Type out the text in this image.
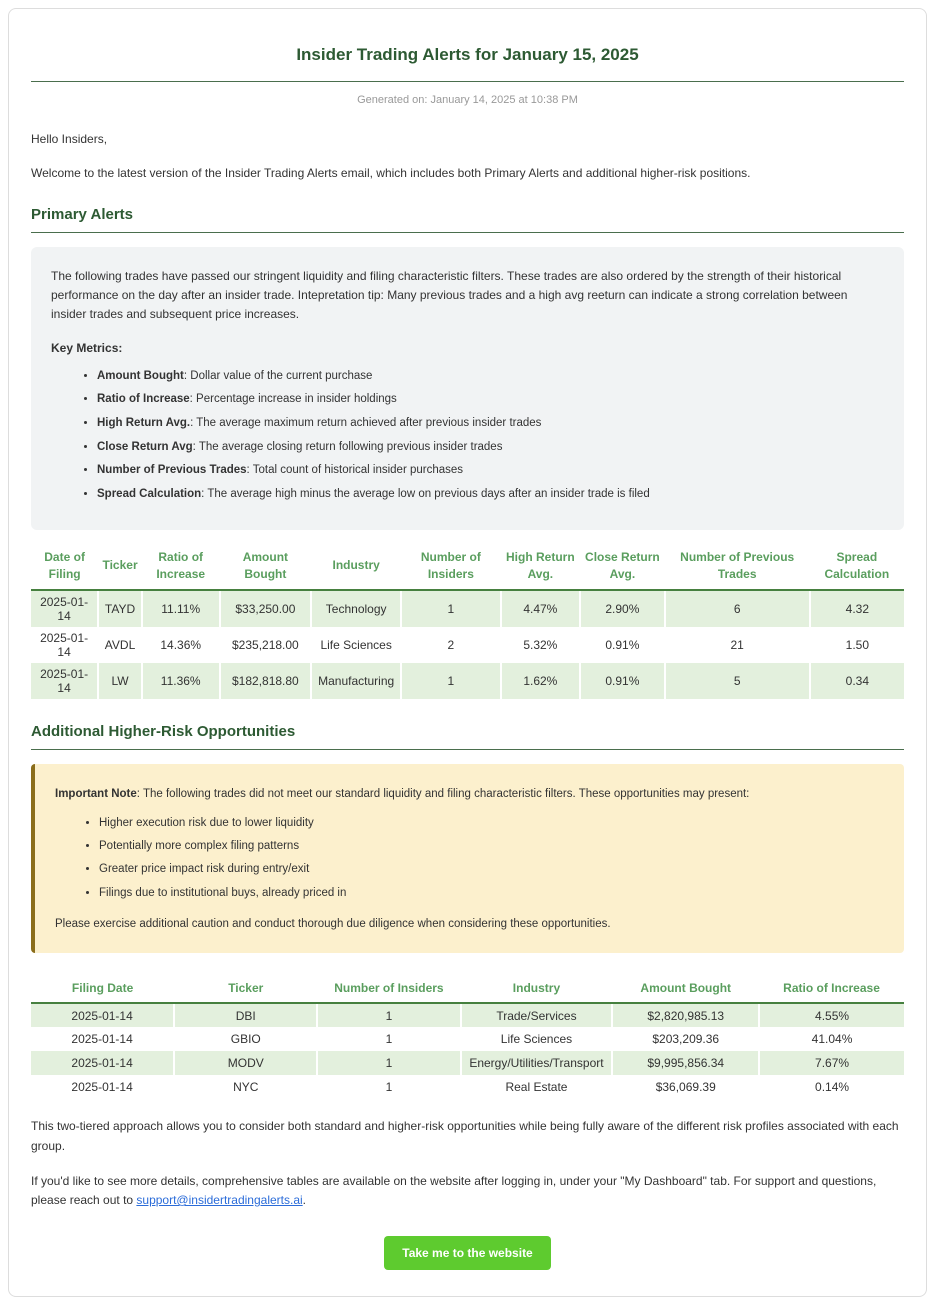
Insider Trading Alerts for January 15, 2025
Generated on: January 14, 2025 at 10:38 PM

Hello Insiders,

Welcome to the latest version of the Insider Trading Alerts email, which includes both Primary Alerts and additional higher-risk positions.

Primary Alerts

The following trades have passed our stringent liquidity and filing characteristic filters. These trades are also ordered by the strength of their historical performance on the day after an insider trade. Intepretation tip: Many previous trades and a high avg reeturn can indicate a strong correlation between insider trades and subsequent price increases.

Key Metrics:
• Amount Bought: Dollar value of the current purchase
• Ratio of Increase: Percentage increase in insider holdings
• High Return Avg.: The average maximum return achieved after previous insider trades
• Close Return Avg: The average closing return following previous insider trades
• Number of Previous Trades: Total count of historical insider purchases
• Spread Calculation: The average high minus the average low on previous days after an insider trade is filed
Date of Filing	Ticker	Ratio of Increase	Amount Bought	Industry	Number of Insiders	High Return Avg.	Close Return Avg.	Number of Previous Trades	Spread Calculation
2025-01-14	TAYD	11.11%	$33,250.00	Technology	1	4.47%	2.90%	6	4.32
2025-01-14	AVDL	14.36%	$235,218.00	Life Sciences	2	5.32%	0.91%	21	1.50
2025-01-14	LW	11.36%	$182,818.80	Manufacturing	1	1.62%	0.91%	5	0.34
Additional Higher-Risk Opportunities

Important Note: The following trades did not meet our standard liquidity and filing characteristic filters. These opportunities may present:

• Higher execution risk due to lower liquidity
• Potentially more complex filing patterns
• Greater price impact risk during entry/exit
• Filings due to institutional buys, already priced in

Please exercise additional caution and conduct thorough due diligence when considering these opportunities.

Filing Date	Ticker	Number of Insiders	Industry	Amount Bought	Ratio of Increase
2025-01-14	DBI	1	Trade/Services	$2,820,985.13	4.55%
2025-01-14	GBIO	1	Life Sciences	$203,209.36	41.04%
2025-01-14	MODV	1	Energy/Utilities/Transport	$9,995,856.34	7.67%
2025-01-14	NYC	1	Real Estate	$36,069.39	0.14%

This two-tiered approach allows you to consider both standard and higher-risk opportunities while being fully aware of the different risk profiles associated with each group.

If you'd like to see more details, comprehensive tables are available on the website after logging in, under your "My Dashboard" tab. For support and questions, please reach out to support@insidertradingalerts.ai.

Take me to the website
